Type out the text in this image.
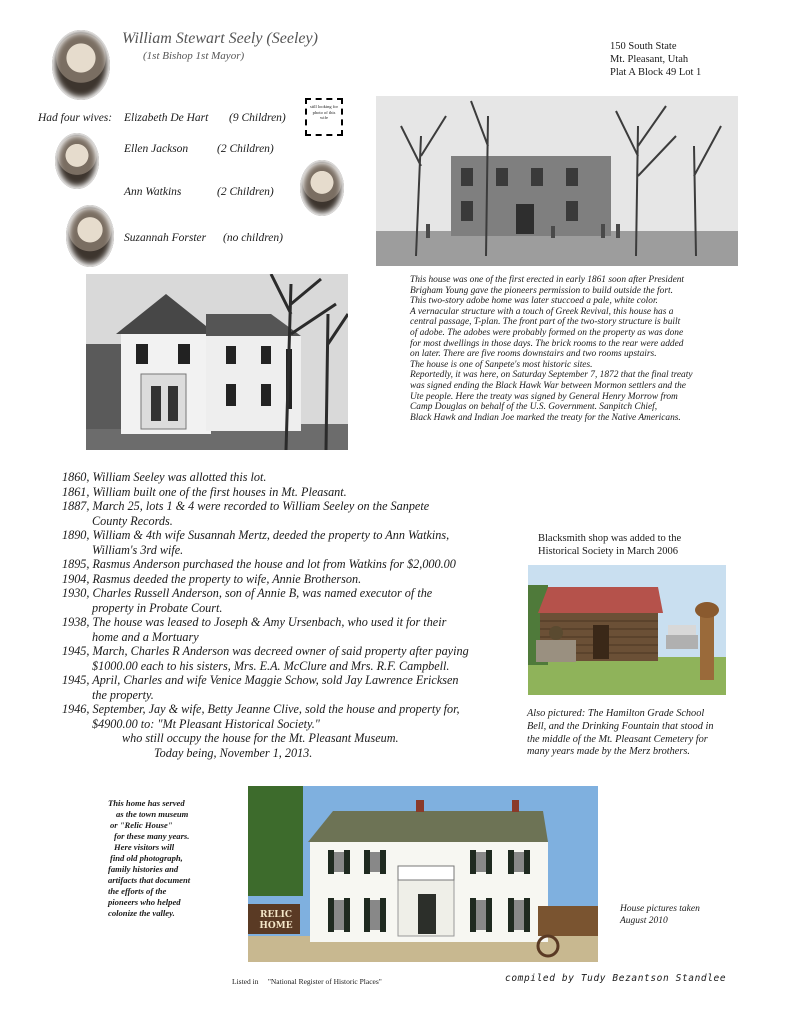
William Stewart Seely (Seeley)
(1st Bishop 1st Mayor)
150 South State
Mt. Pleasant, Utah
Plat A Block 49 Lot 1
Had four wives: Elizabeth De Hart (9 Children)
still looking for photo of this wife
Ellen Jackson	(2 Children)
Ann Watkins	(2 Children)
Suzannah Forster (no children)
This house was one of the first erected in early 1861 soon after President
Brigham Young gave the pioneers permission to build outside the fort.
This two-story adobe home was later stuccoed a pale, white color.
A vernacular structure with a touch of Greek Revival, this house has a
central passage, T-plan. The front part of the two-story structure is built
of adobe. The adobes were probably formed on the property as was done
for most dwellings in those days. The brick rooms to the rear were added
on later. There are five rooms downstairs and two rooms upstairs.
The house is one of Sanpete's most historic sites.
Reportedly, it was here, on Saturday September 7, 1872 that the final treaty
was signed ending the Black Hawk War between Mormon settlers and the
Ute people. Here the treaty was signed by General Henry Morrow from
Camp Douglas on behalf of the U.S. Government. Sanpitch Chief,
Black Hawk and Indian Joe marked the treaty for the Native Americans.
1860, William Seeley was allotted this lot.
1861, William built one of the first houses in Mt. Pleasant.
1887, March 25, lots 1 & 4 were recorded to William Seeley on the Sanpete
County Records.
1890, William & 4th wife Susannah Mertz, deeded the property to Ann Watkins,
William's 3rd wife.
1895, Rasmus Anderson purchased the house and lot from Watkins for $2,000.00
1904, Rasmus deeded the property to wife, Annie Brotherson.
1930, Charles Russell Anderson, son of Annie B, was named executor of the
property in Probate Court.
1938, The house was leased to Joseph & Amy Ursenbach, who used it for their
home and a Mortuary
1945, March, Charles R Anderson was decreed owner of said property after paying
$1000.00 each to his sisters, Mrs. E.A. McClure and Mrs. R.F. Campbell.
1945, April, Charles and wife Venice Maggie Schow, sold Jay Lawrence Ericksen
the property.
1946, September, Jay & wife, Betty Jeanne Clive, sold the house and property for,
$4900.00 to: "Mt Pleasant Historical Society."
who still occupy the house for the Mt. Pleasant Museum.
Today being, November 1, 2013.
Blacksmith shop was added to the
Historical Society in March 2006
Also pictured: The Hamilton Grade School
Bell, and the Drinking Fountain that stood in
the middle of the Mt. Pleasant Cemetery for
many years made by the Merz brothers.
This home has served
as the town museum
or "Relic House"
for these many years.
Here visitors will
find old photograph,
family histories and
artifacts that document
the efforts of the
pioneers who helped
colonize the valley.	RELIC
HOME
House pictures taken
August 2010
Listed in     "National Register of Historic Places"	compiled by Tudy Bezantson Standlee
